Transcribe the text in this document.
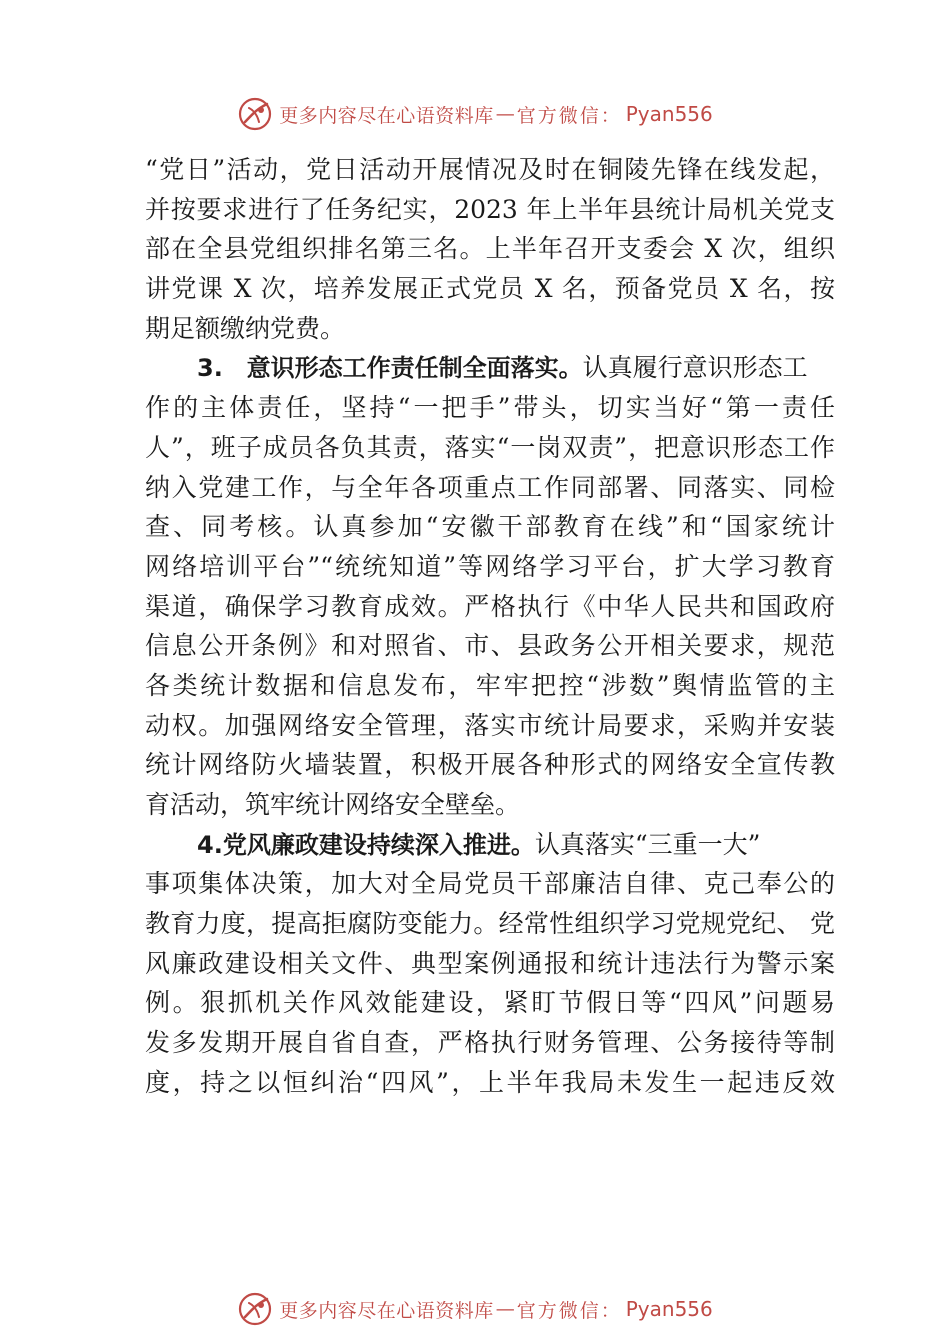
更多内容尽在心语资料库 — 官方微信： Pyan556
“党日”活动，党日活动开展情况及时在铜陵先锋在线发起，
并按要求进行了任务纪实，2023 年上半年县统计局机关党支
部在全县党组织排名第三名。上半年召开支委会 X 次，组织
讲党课 X 次，培养发展正式党员 X 名，预备党员 X 名，按
期足额缴纳党费。
3. 意识形态工作责任制全面落实。认真履行意识形态工
作的主体责任，坚持“一把手”带头，切实当好“第一责任
人”，班子成员各负其责，落实“一岗双责”，把意识形态工作
纳入党建工作，与全年各项重点工作同部署、同落实、同检
查、同考核。认真参加“安徽干部教育在线”和“国家统计
网络培训平台”“统统知道”等网络学习平台，扩大学习教育
渠道，确保学习教育成效。严格执行《中华人民共和国政府
信息公开条例》和对照省、市、县政务公开相关要求，规范
各类统计数据和信息发布，牢牢把控“涉数”舆情监管的主
动权。加强网络安全管理，落实市统计局要求，采购并安装
统计网络防火墙装置，积极开展各种形式的网络安全宣传教
育活动，筑牢统计网络安全壁垒。
4.党风廉政建设持续深入推进。认真落实“三重一大”
事项集体决策，加大对全局党员干部廉洁自律、克己奉公的
教育力度，提高拒腐防变能力。经常性组织学习党规党纪、 党
风廉政建设相关文件、典型案例通报和统计违法行为警示案
例。狠抓机关作风效能建设，紧盯节假日等“四风”问题易
发多发期开展自省自查，严格执行财务管理、公务接待等制
度，持之以恒纠治“四风”，上半年我局未发生一起违反效
更多内容尽在心语资料库 — 官方微信： Pyan556
